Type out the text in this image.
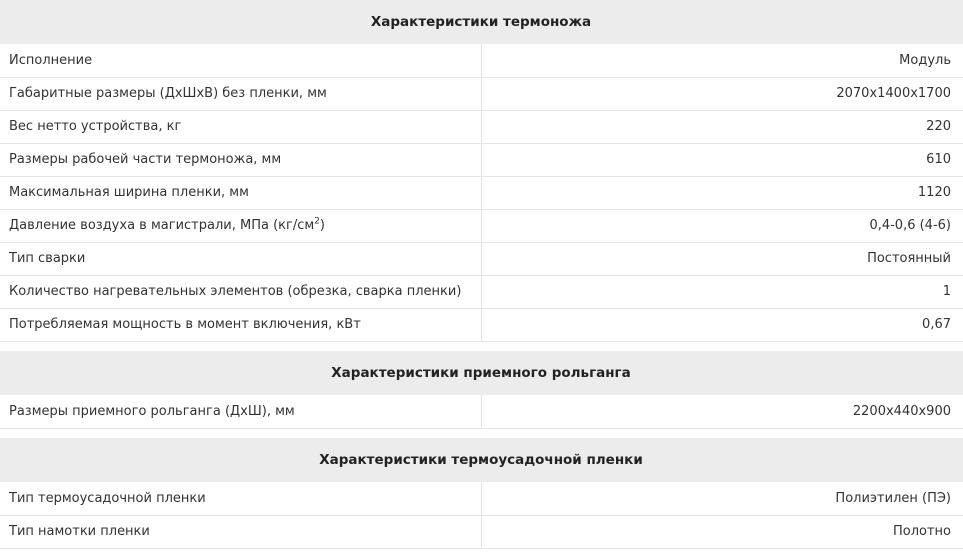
Характеристики термоножа	
Исполнение	Модуль
Габаритные размеры (ДхШхВ) без пленки, мм	2070x1400x1700
Вес нетто устройства, кг	220
Размеры рабочей части термоножа, мм	610
Максимальная ширина пленки, мм	1120
Давление воздуха в магистрали, МПа $(кг/см^2)$	0,4-0,6 (4-6)
Тип сварки	Постоянный
Количество нагревательных элементов (обрезка, сварка пленки)	1
Потребляемая мощность в момент включения, кВт	0,67

Характеристики приемного рольганга	
Размеры приемного рольганга (ДхШ), мм	2200x440x900

Характеристики термоусадочной пленки	
Тип термоусадочной пленки	Полиэтилен (ПЭ)
Тип намотки пленки	Полотно
